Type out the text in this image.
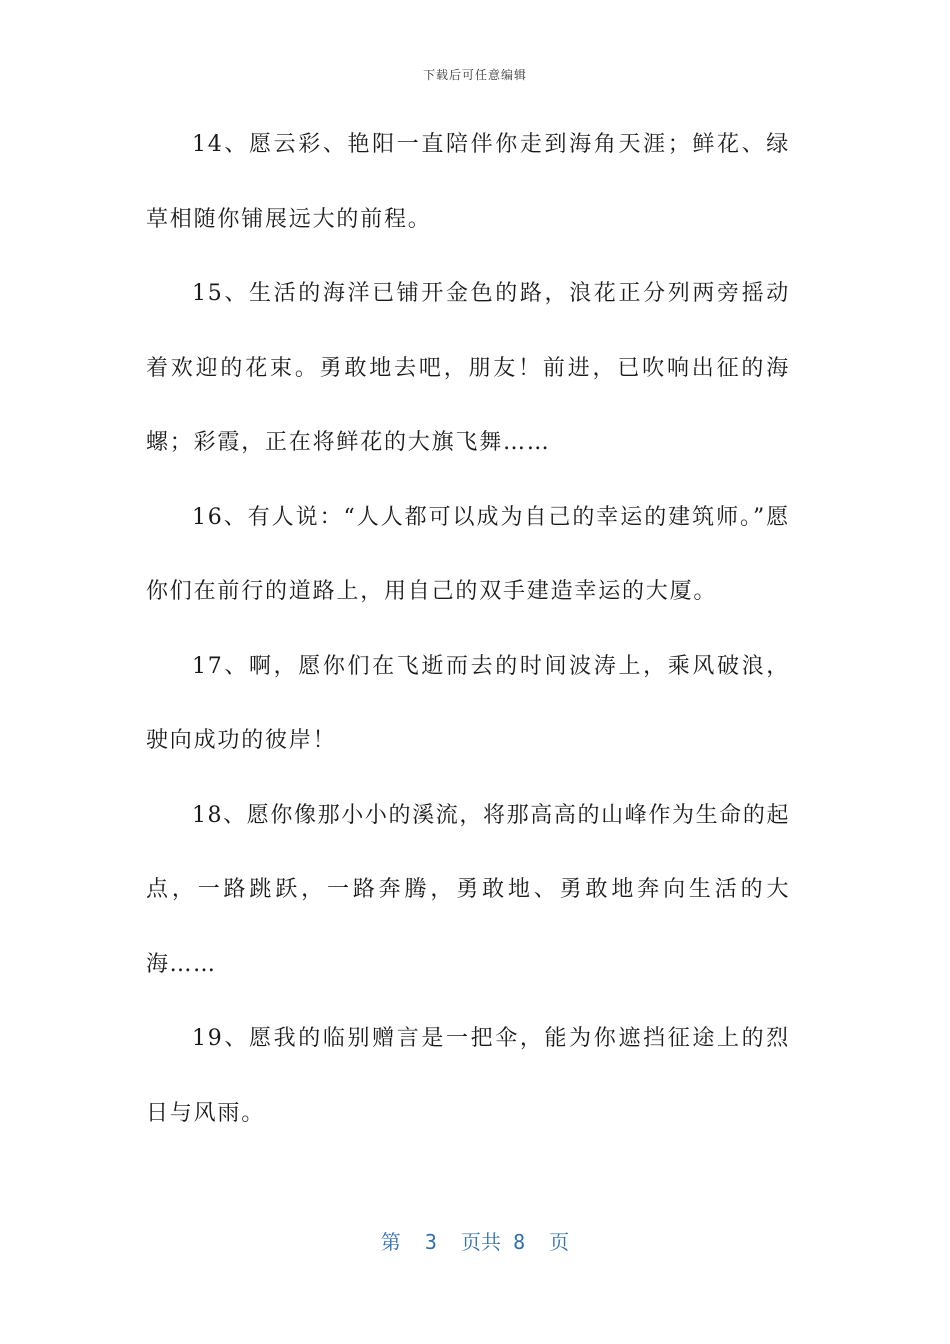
下载后可任意编辑

14、愿云彩、艳阳一直陪伴你走到海角天涯；鲜花、绿草相随你铺展远大的前程。

15、生活的海洋已铺开金色的路，浪花正分列两旁摇动着欢迎的花束。勇敢地去吧，朋友！前进，已吹响出征的海螺；彩霞，正在将鲜花的大旗飞舞……

16、有人说：“人人都可以成为自己的幸运的建筑师。”愿你们在前行的道路上，用自己的双手建造幸运的大厦。

17、啊，愿你们在飞逝而去的时间波涛上，乘风破浪，驶向成功的彼岸！

18、愿你像那小小的溪流，将那高高的山峰作为生命的起点，一路跳跃，一路奔腾，勇敢地、勇敢地奔向生活的大海……

19、愿我的临别赠言是一把伞，能为你遮挡征途上的烈日与风雨。

第 3 页共 8 页
